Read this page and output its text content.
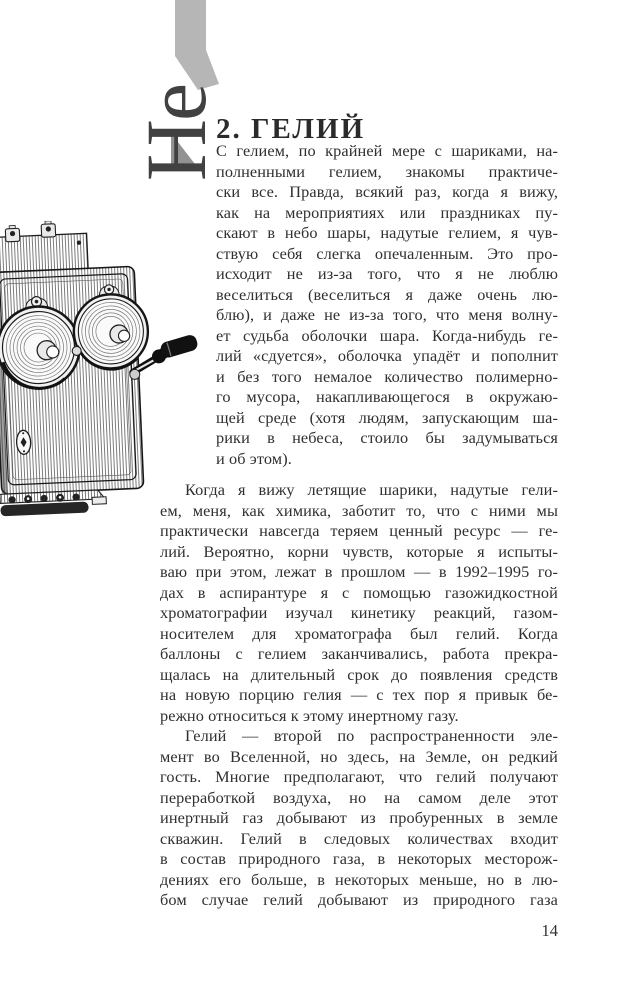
Не
2. ГЕЛИЙ
С гелием, по крайней мере с шариками, на-
полненными гелием, знакомы практиче-
ски все. Правда, всякий раз, когда я вижу,
как на мероприятиях или праздниках пу-
скают в небо шары, надутые гелием, я чув-
ствую себя слегка опечаленным. Это про-
исходит не из-за того, что я не люблю
веселиться (веселиться я даже очень лю-
блю), и даже не из-за того, что меня волну-
ет судьба оболочки шара. Когда-нибудь ге-
лий «сдуется», оболочка упадёт и пополнит
и без того немалое количество полимерно-
го мусора, накапливающегося в окружаю-
щей среде (хотя людям, запускающим ша-
рики в небеса, стоило бы задумываться
и об этом).
Когда я вижу летящие шарики, надутые гели-
ем, меня, как химика, заботит то, что с ними мы
практически навсегда теряем ценный ресурс — ге-
лий. Вероятно, корни чувств, которые я испыты-
ваю при этом, лежат в прошлом — в 1992–1995 го-
дах в аспирантуре я с помощью газожидкостной
хроматографии изучал кинетику реакций, газом-
носителем для хроматографа был гелий. Когда
баллоны с гелием заканчивались, работа прекра-
щалась на длительный срок до появления средств
на новую порцию гелия — с тех пор я привык бе-
режно относиться к этому инертному газу.
Гелий — второй по распространенности эле-
мент во Вселенной, но здесь, на Земле, он редкий
гость. Многие предполагают, что гелий получают
переработкой воздуха, но на самом деле этот
инертный газ добывают из пробуренных в земле
скважин. Гелий в следовых количествах входит
в состав природного газа, в некоторых месторож-
дениях его больше, в некоторых меньше, но в лю-
бом случае гелий добывают из природного газа
14
